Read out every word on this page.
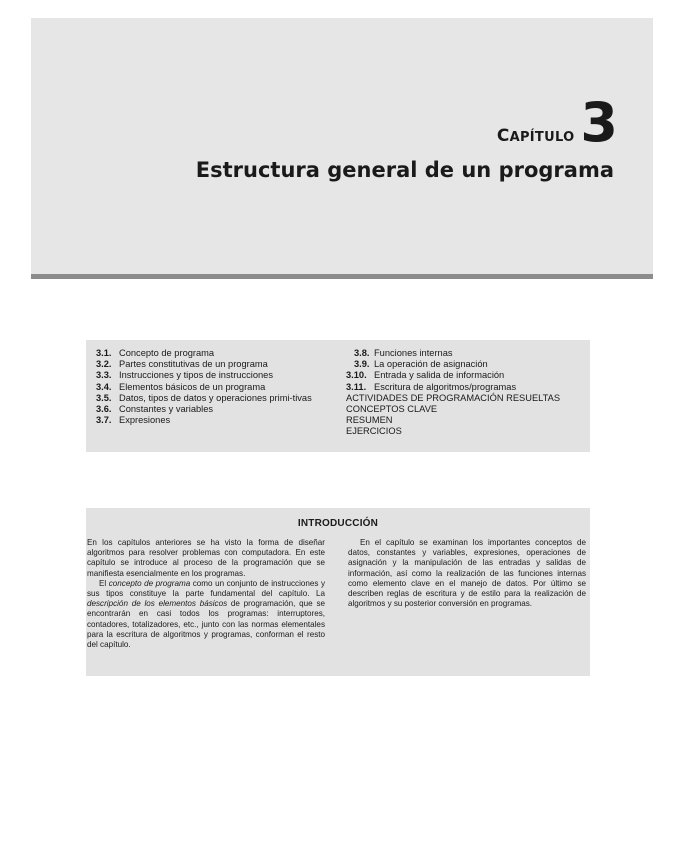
CAPÍTULO 3
Estructura general de un programa
3.1. Concepto de programa
3.2. Partes constitutivas de un programa
3.3. Instrucciones y tipos de instrucciones
3.4. Elementos básicos de un programa
3.5. Datos, tipos de datos y operaciones primi-tivas
3.6. Constantes y variables
3.7. Expresiones
3.8. Funciones internas
3.9. La operación de asignación
3.10. Entrada y salida de información
3.11. Escritura de algoritmos/programas
ACTIVIDADES DE PROGRAMACIÓN RESUELTAS
CONCEPTOS CLAVE
RESUMEN
EJERCICIOS
INTRODUCCIÓN

En los capítulos anteriores se ha visto la forma de diseñar algoritmos para resolver problemas con computadora. En este capítulo se introduce al proceso de la programación que se manifiesta esencialmente en los programas.

El concepto de programa como un conjunto de instrucciones y sus tipos constituye la parte fundamental del capítulo. La descripción de los elementos básicos de programación, que se encontrarán en casi todos los programas: interruptores, contadores, totalizadores, etc., junto con las normas elementales para la escritura de algoritmos y programas, conforman el resto del capítulo.

En el capítulo se examinan los importantes conceptos de datos, constantes y variables, expresiones, operaciones de asignación y la manipulación de las entradas y salidas de información, así como la realización de las funciones internas como elemento clave en el manejo de datos. Por último se describen reglas de escritura y de estilo para la realización de algoritmos y su posterior conversión en programas.
